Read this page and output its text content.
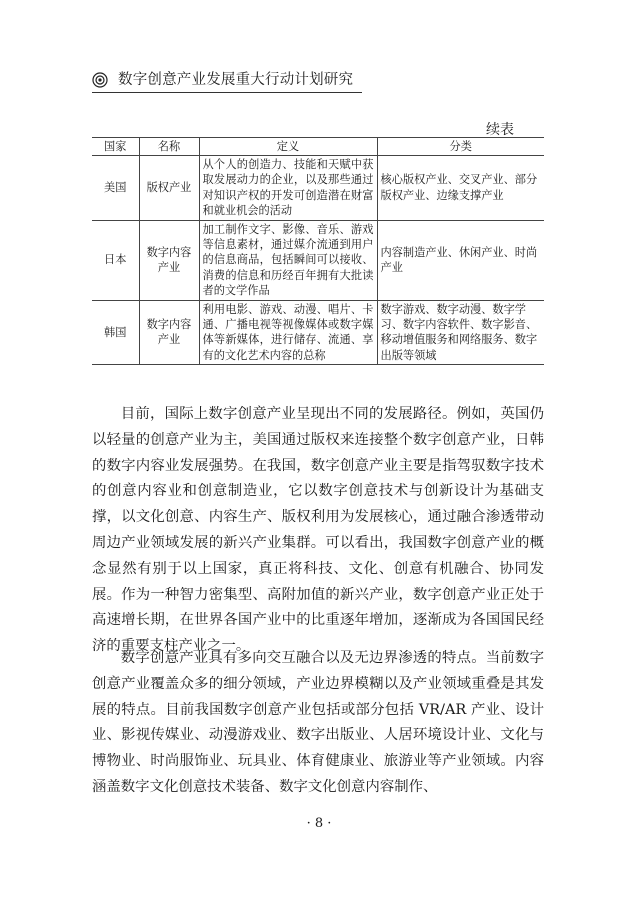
数字创意产业发展重大行动计划研究
续表
国家	名称	定义	分类
美国	版权产业	从个人的创造力、技能和天赋中获取发展动力的企业，以及那些通过对知识产权的开发可创造潜在财富和就业机会的活动	核心版权产业、交叉产业、部分版权产业、边缘支撑产业
日本	数字内容产业	加工制作文字、影像、音乐、游戏等信息素材，通过媒介流通到用户的信息商品，包括瞬间可以接收、消费的信息和历经百年拥有大批读者的文学作品	内容制造产业、休闲产业、时尚产业
韩国	数字内容产业	利用电影、游戏、动漫、唱片、卡通、广播电视等视像媒体或数字媒体等新媒体，进行储存、流通、享有的文化艺术内容的总称	数字游戏、数字动漫、数字学习、数字内容软件、数字影音、移动增值服务和网络服务、数字出版等领域

目前，国际上数字创意产业呈现出不同的发展路径。例如，英国仍以轻量的创意产业为主，美国通过版权来连接整个数字创意产业，日韩的数字内容业发展强势。在我国，数字创意产业主要是指驾驭数字技术的创意内容业和创意制造业，它以数字创意技术与创新设计为基础支撑，以文化创意、内容生产、版权利用为发展核心，通过融合渗透带动周边产业领域发展的新兴产业集群。可以看出，我国数字创意产业的概念显然有别于以上国家，真正将科技、文化、创意有机融合、协同发展。作为一种智力密集型、高附加值的新兴产业，数字创意产业正处于高速增长期，在世界各国产业中的比重逐年增加，逐渐成为各国国民经济的重要支柱产业之一。

数字创意产业具有多向交互融合以及无边界渗透的特点。当前数字创意产业覆盖众多的细分领域，产业边界模糊以及产业领域重叠是其发展的特点。目前我国数字创意产业包括或部分包括 VR/AR 产业、设计业、影视传媒业、动漫游戏业、数字出版业、人居环境设计业、文化与博物业、时尚服饰业、玩具业、体育健康业、旅游业等产业领域。内容涵盖数字文化创意技术装备、数字文化创意内容制作、

· 8 ·
